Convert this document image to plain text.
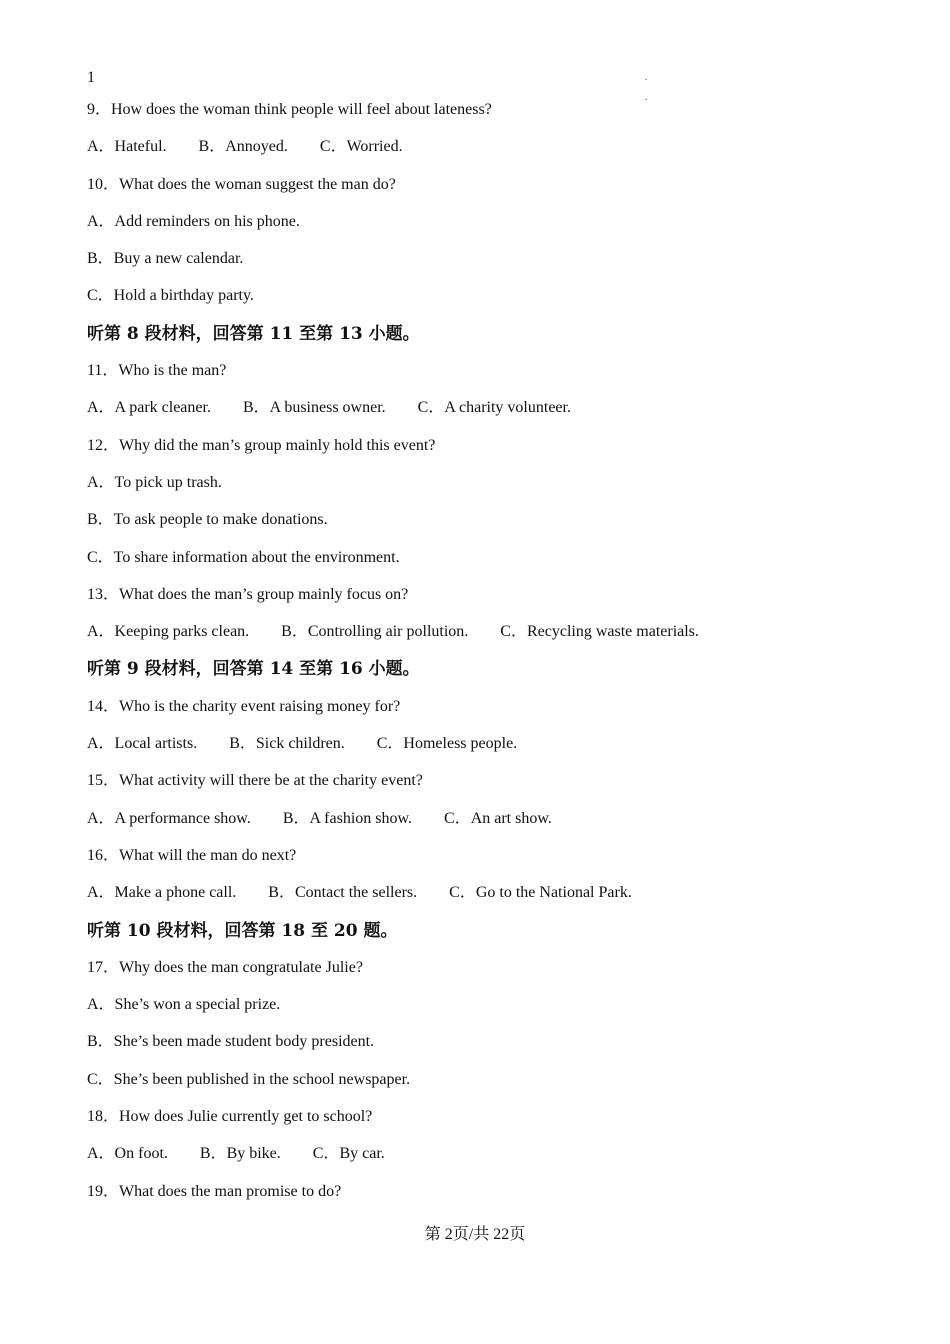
1	.
.
9．How does the woman think people will feel about lateness?
A．Hateful. B．Annoyed. C．Worried.
10．What does the woman suggest the man do?
A．Add reminders on his phone.
B．Buy a new calendar.
C．Hold a birthday party.
听第 8 段材料，回答第 11 至第 13 小题。
11．Who is the man?
A．A park cleaner. B．A business owner. C．A charity volunteer.
12．Why did the man’s group mainly hold this event?
A．To pick up trash.
B．To ask people to make donations.
C．To share information about the environment.
13．What does the man’s group mainly focus on?
A．Keeping parks clean. B．Controlling air pollution. C．Recycling waste materials.
听第 9 段材料，回答第 14 至第 16 小题。
14．Who is the charity event raising money for?
A．Local artists. B．Sick children. C．Homeless people.
15．What activity will there be at the charity event?
A．A performance show. B．A fashion show. C．An art show.
16．What will the man do next?
A．Make a phone call. B．Contact the sellers. C．Go to the National Park.
听第 10 段材料，回答第 18 至 20 题。
17．Why does the man congratulate Julie?
A．She’s won a special prize.
B．She’s been made student body president.
C．She’s been published in the school newspaper.
18．How does Julie currently get to school?
A．On foot. B．By bike. C．By car.
19．What does the man promise to do?
第 2页/共 22页
